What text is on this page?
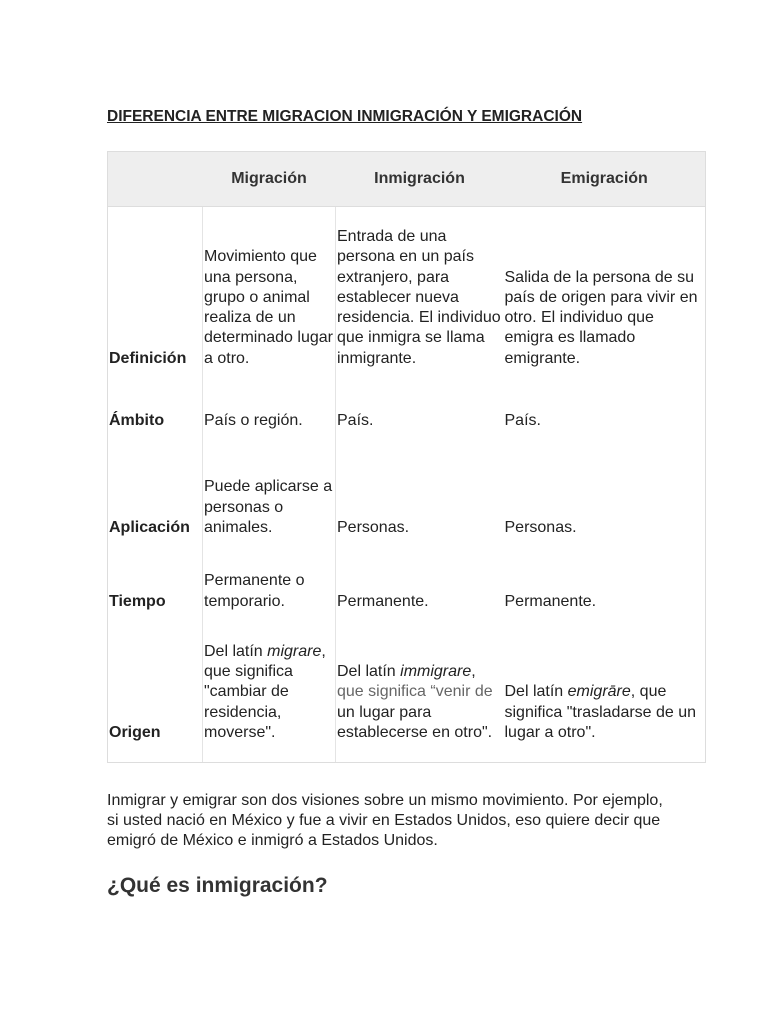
DIFERENCIA ENTRE MIGRACION INMIGRACIÓN Y EMIGRACIÓN
	Migración	Inmigración	Emigración
Definición	Movimiento que una persona, grupo o animal realiza de un determinado lugar a otro.	Entrada de una persona en un país extranjero, para establecer nueva residencia. El individuo que inmigra se llama inmigrante.	Salida de la persona de su país de origen para vivir en otro. El individuo que emigra es llamado emigrante.
Ámbito	País o región.	País.	País.
Aplicación	Puede aplicarse a personas o animales.	Personas.	Personas.
Tiempo	Permanente o temporario.	Permanente.	Permanente.
Origen	Del latín migrare, que significa "cambiar de residencia, moverse".	Del latín immigrare, que significa “venir de un lugar para establecerse en otro".	Del latín emigrāre, que significa "trasladarse de un lugar a otro".

Inmigrar y emigrar son dos visiones sobre un mismo movimiento. Por ejemplo, si usted nació en México y fue a vivir en Estados Unidos, eso quiere decir que emigró de México e inmigró a Estados Unidos.

¿Qué es inmigración?
